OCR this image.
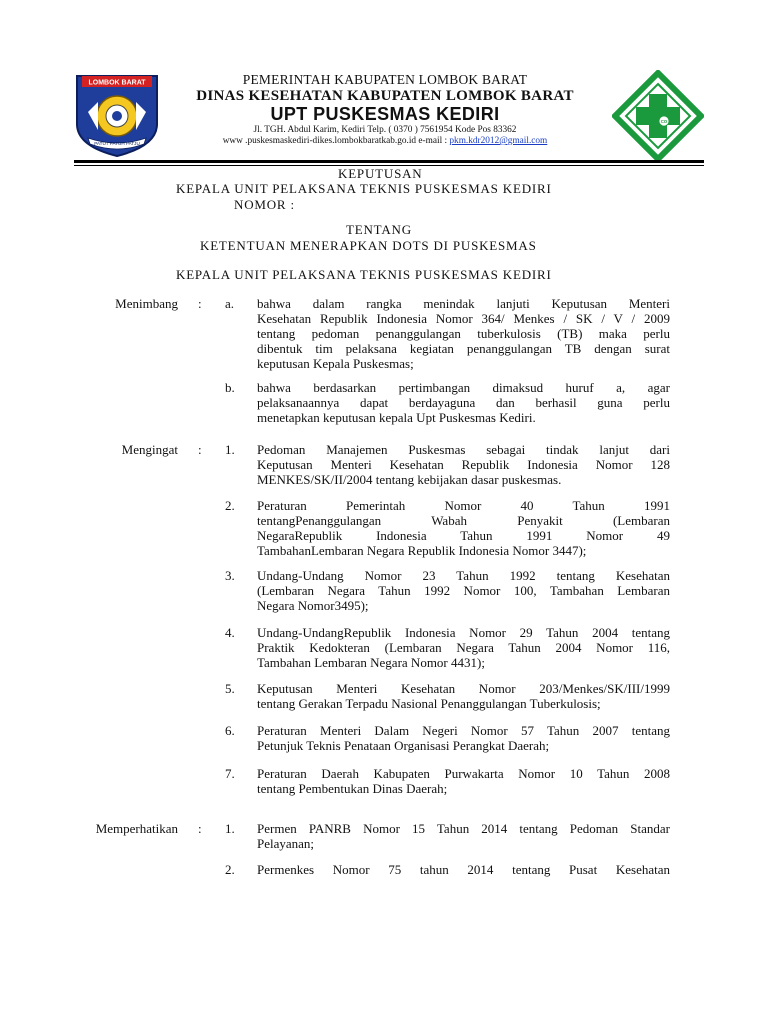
LOMBOK BARAT
PATUT PATUH PATJU
PEMERINTAH KABUPATEN LOMBOK BARAT
DINAS KESEHATAN KABUPATEN LOMBOK BARAT
UPT PUSKESMAS KEDIRI
Jl. TGH. Abdul Karim, Kediri Telp. ( 0370 ) 7561954 Kode Pos 83362
www .puskesmaskediri-dikes.lombokbaratkab.go.id e-mail : pkm.kdr2012@gmail.com
CO
KEPUTUSAN
KEPALA UNIT PELAKSANA TEKNIS PUSKESMAS KEDIRI
NOMOR :
TENTANG
KETENTUAN MENERAPKAN DOTS DI PUSKESMAS
KEPALA UNIT PELAKSANA TEKNIS PUSKESMAS KEDIRI
Menimbang :
Mengingat :
Memperhatikan :
a. bahwa dalam rangka menindak lanjuti Keputusan Menteri
Kesehatan Republik Indonesia Nomor 364/ Menkes / SK / V / 2009
tentang pedoman penanggulangan tuberkulosis (TB) maka perlu
dibentuk tim pelaksana kegiatan penanggulangan TB dengan surat
keputusan Kepala Puskesmas;
b. bahwa berdasarkan pertimbangan dimaksud huruf a, agar
pelaksanaannya dapat berdayaguna dan berhasil guna perlu
menetapkan keputusan kepala Upt Puskesmas Kediri.
1. Pedoman Manajemen Puskesmas sebagai tindak lanjut dari
Keputusan Menteri Kesehatan Republik Indonesia Nomor 128
MENKES/SK/II/2004 tentang kebijakan dasar puskesmas.
2. Peraturan Pemerintah Nomor 40 Tahun 1991
tentangPenanggulangan Wabah Penyakit (Lembaran
NegaraRepublik Indonesia Tahun 1991 Nomor 49
TambahanLembaran Negara Republik Indonesia Nomor 3447);
3. Undang-Undang Nomor 23 Tahun 1992 tentang Kesehatan
(Lembaran Negara Tahun 1992 Nomor 100, Tambahan Lembaran
Negara Nomor3495);
4. Undang-UndangRepublik Indonesia Nomor 29 Tahun 2004 tentang
Praktik Kedokteran (Lembaran Negara Tahun 2004 Nomor 116,
Tambahan Lembaran Negara Nomor 4431);
5. Keputusan Menteri Kesehatan Nomor 203/Menkes/SK/III/1999
tentang Gerakan Terpadu Nasional Penanggulangan Tuberkulosis;
6. Peraturan Menteri Dalam Negeri Nomor 57 Tahun 2007 tentang
Petunjuk Teknis Penataan Organisasi Perangkat Daerah;
7. Peraturan Daerah Kabupaten Purwakarta Nomor 10 Tahun 2008
tentang Pembentukan Dinas Daerah;
1. Permen PANRB Nomor 15 Tahun 2014 tentang Pedoman Standar
Pelayanan;
2. Permenkes Nomor 75 tahun 2014 tentang Pusat Kesehatan
